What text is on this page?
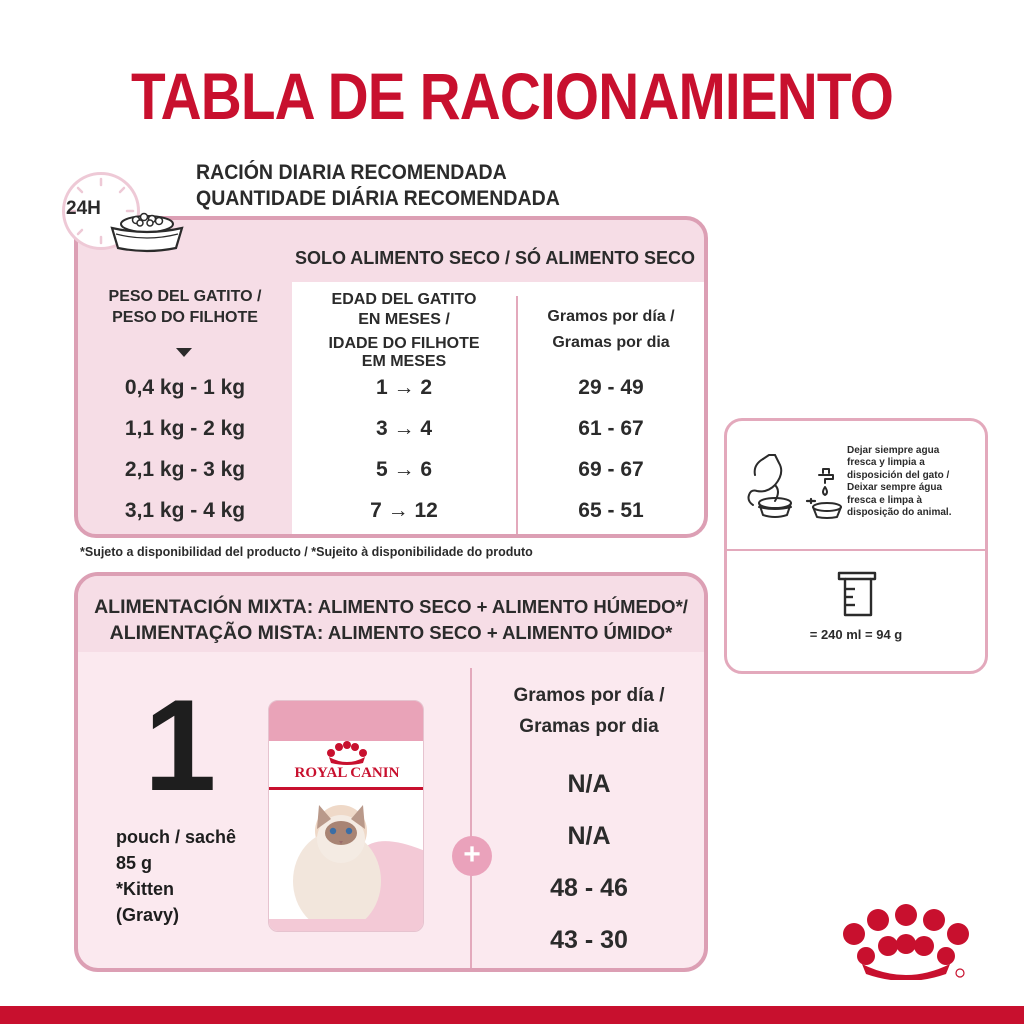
TABLA DE RACIONAMIENTO
RACIÓN DIARIA RECOMENDADA
QUANTIDADE DIÁRIA RECOMENDADA
SOLO ALIMENTO SECO / SÓ ALIMENTO SECO
PESO DEL GATITO /
PESO DO FILHOTE
EDAD DEL GATITO
EN MESES /
IDADE DO FILHOTE
EM MESES
Gramos por día /
Gramas por dia
0,4 kg - 1 kg	1 → 2	29 - 49
1,1 kg - 2 kg	3 → 4	61 - 67
2,1 kg - 3 kg	5 → 6	69 - 67
3,1 kg - 4 kg	7 → 12	65 - 51
24H
*Sujeto a disponibilidad del producto / *Sujeito à disponibilidade do produto
ALIMENTACIÓN MIXTA: ALIMENTO SECO + ALIMENTO HÚMEDO*/
ALIMENTAÇÃO MISTA: ALIMENTO SECO + ALIMENTO ÚMIDO*
1
pouch / sachê
85 g
*Kitten
(Gravy)
ROYAL CANIN
+
Gramos por día /
Gramas por dia
N/A
N/A
48 - 46
43 - 30
Dejar siempre agua
fresca y limpia a
disposición del gato /
Deixar sempre água
fresca e limpa à
disposição do animal.
= 240 ml = 94 g
